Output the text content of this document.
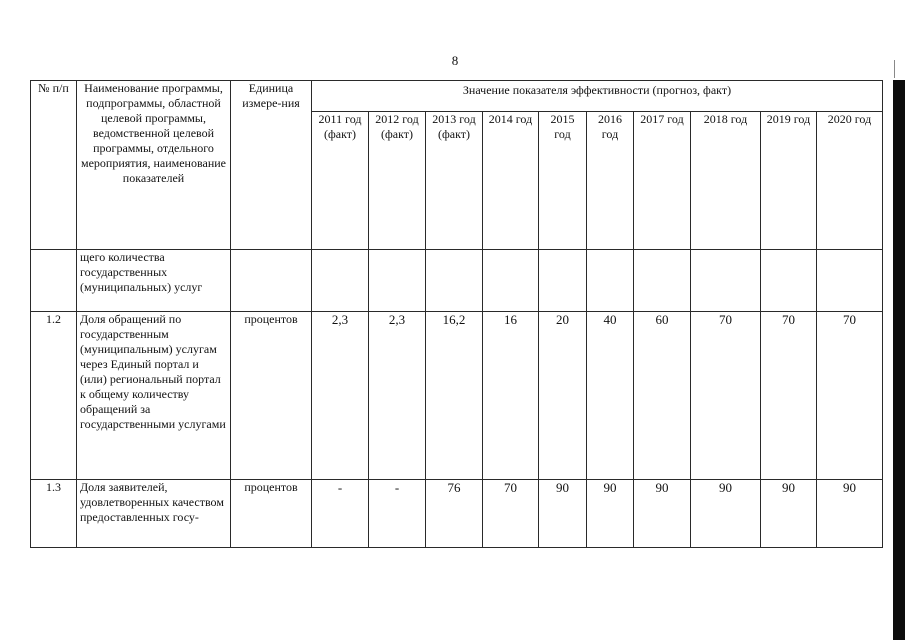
8
№ п/п	Наименование программы, подпрограммы, областной целевой программы, ведомственной целевой программы, отдельного мероприятия, наименование показателей	Единица измере-ния	Значение показателя эффективности (прогноз, факт)									
			2011 год (факт)	2012 год (факт)	2013 год (факт)	2014 год	2015 год	2016 год	2017 год	2018 год	2019 год	2020 год
	щего количества государственных (муниципальных) услуг											
1.2	Доля обращений по государственным (муниципальным) услугам через Единый портал и (или) региональный портал к общему количеству обращений за государственными услугами	процентов	2,3	2,3	16,2	16	20	40	60	70	70	70
1.3	Доля заявителей, удовлетворенных качеством предоставленных госу-	процентов	-	-	76	70	90	90	90	90	90	90
